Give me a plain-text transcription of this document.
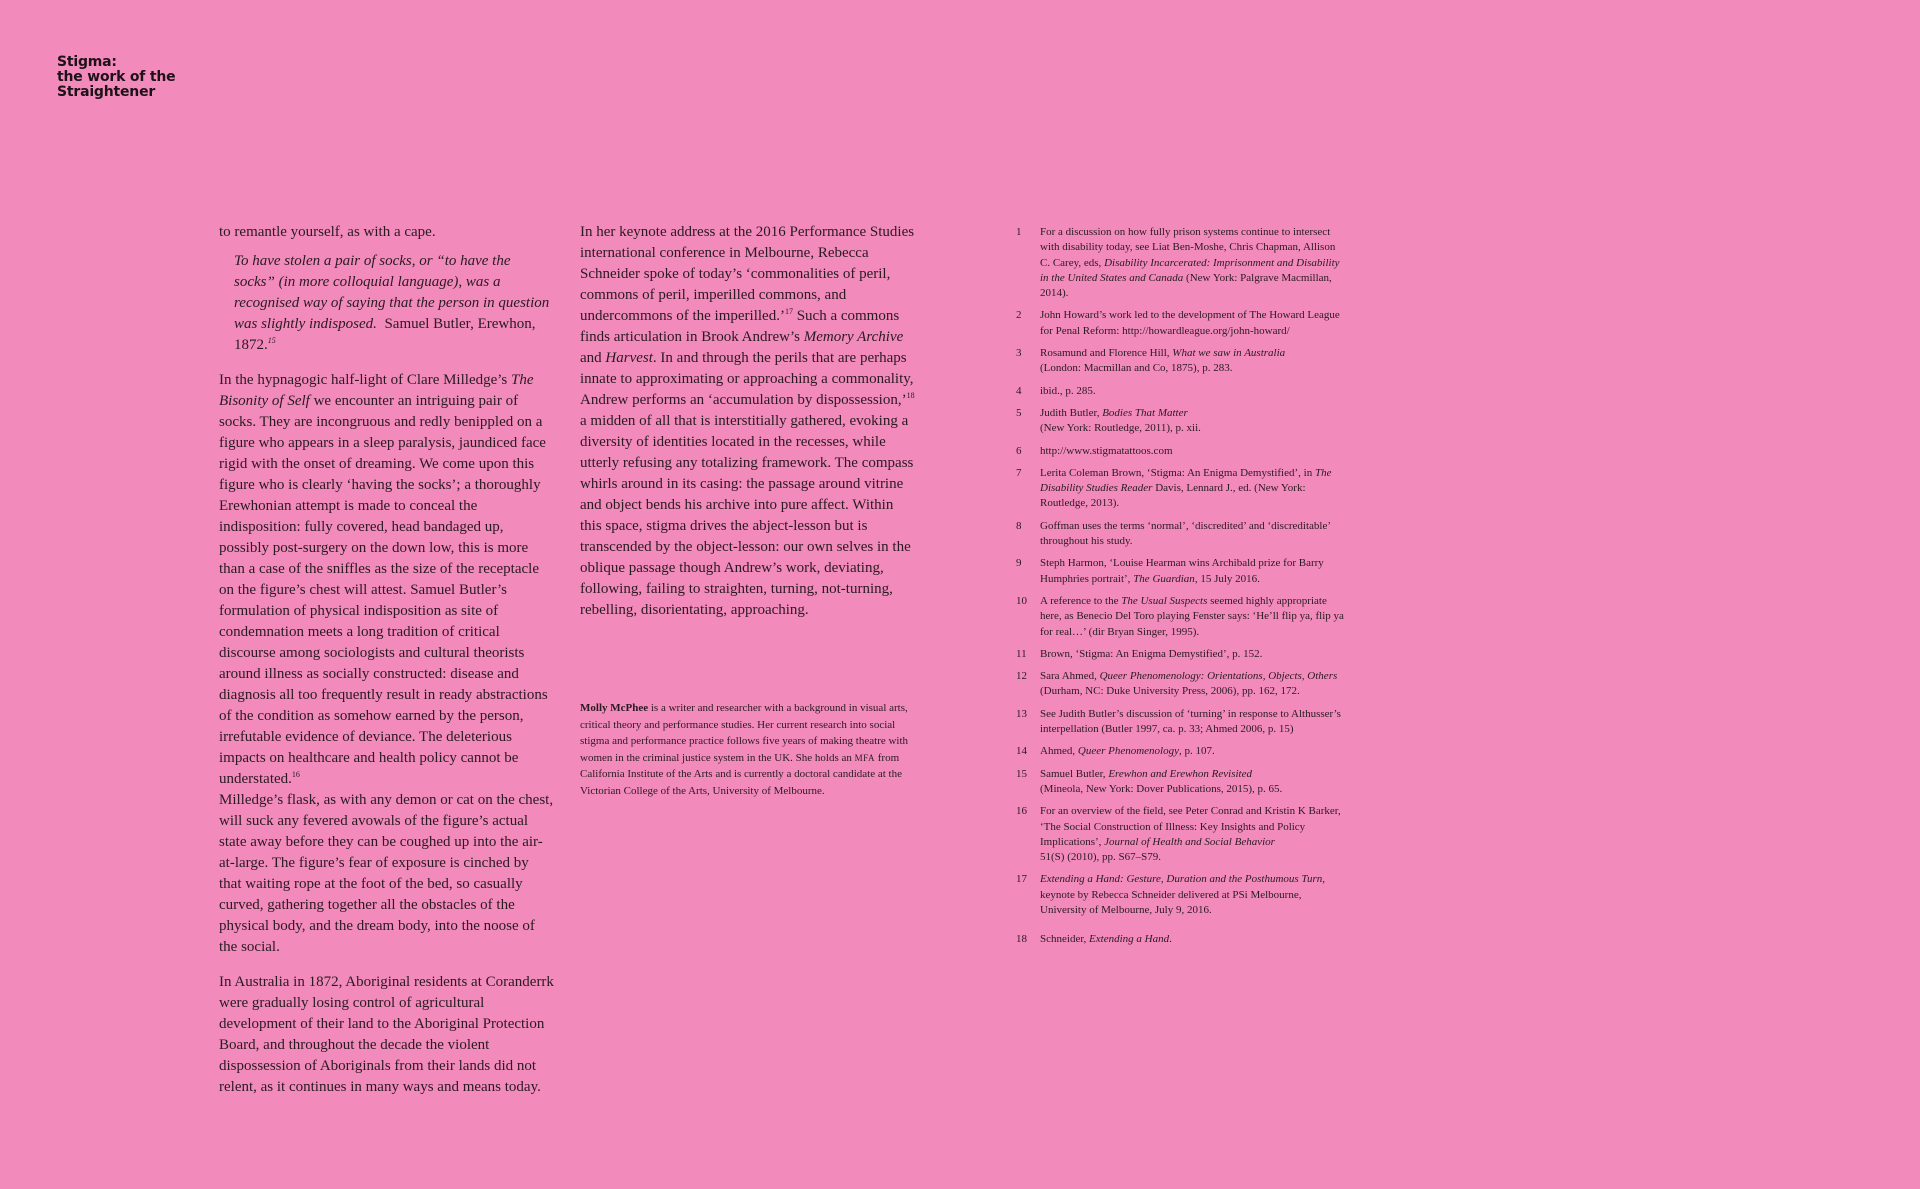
Stigma:
the work of the
Straightener

to remantle yourself, as with a cape.

To have stolen a pair of socks, or “to have the socks” (in more colloquial language), was a recognised way of saying that the person in question was slightly indisposed. Samuel Butler, Erewhon, 1872.15

In the hypnagogic half-light of Clare Milledge’s The Bisonity of Self we encounter an intriguing pair of socks. They are incongruous and redly benippled on a figure who appears in a sleep paralysis, jaundiced face rigid with the onset of dreaming. We come upon this figure who is clearly ‘having the socks’; a thoroughly Erewhonian attempt is made to conceal the indisposition: fully covered, head bandaged up, possibly post-surgery on the down low, this is more than a case of the sniffles as the size of the receptacle on the figure’s chest will attest. Samuel Butler’s formulation of physical indisposition as site of condemnation meets a long tradition of critical discourse among sociologists and cultural theorists around illness as socially constructed: disease and diagnosis all too frequently result in ready abstractions of the condition as somehow earned by the person, irrefutable evidence of deviance. The deleterious impacts on healthcare and health policy cannot be understated.$^{16}$
Milledge’s flask, as with any demon or cat on the chest, will suck any fevered avowals of the figure’s actual state away before they can be coughed up into the air-at-large. The figure’s fear of exposure is cinched by that waiting rope at the foot of the bed, so casually curved, gathering together all the obstacles of the physical body, and the dream body, into the noose of the social.

In Australia in 1872, Aboriginal residents at Coranderrk were gradually losing control of agricultural development of their land to the Aboriginal Protection Board, and throughout the decade the violent dispossession of Aboriginals from their lands did not relent, as it continues in many ways and means today.

In her keynote address at the 2016 Performance Studies international conference in Melbourne, Rebecca Schneider spoke of today’s ‘commonalities of peril, commons of peril, imperilled commons, and undercommons of the imperilled.’$^{17}$ Such a commons finds articulation in Brook Andrew’s Memory Archive and Harvest. In and through the perils that are perhaps innate to approximating or approaching a commonality, Andrew performs an ‘accumulation by dispossession,’$^{18}$ a midden of all that is interstitially gathered, evoking a diversity of identities located in the recesses, while utterly refusing any totalizing framework. The compass whirls around in its casing: the passage around vitrine and object bends his archive into pure affect. Within this space, stigma drives the abject-lesson but is transcended by the object-lesson: our own selves in the oblique passage though Andrew’s work, deviating, following, failing to straighten, turning, not-turning, rebelling, disorientating, approaching.

Molly McPhee is a writer and researcher with a background in visual arts, critical theory and performance studies. Her current research into social stigma and performance practice follows five years of making theatre with women in the criminal justice system in the UK. She holds an MFA from California Institute of the Arts and is currently a doctoral candidate at the Victorian College of the Arts, University of Melbourne.
1	For a discussion on how fully prison systems continue to intersect with disability today, see Liat Ben-Moshe, Chris Chapman, Allison C. Carey, eds, Disability Incarcerated: Imprisonment and Disability in the United States and Canada (New York: Palgrave Macmillan, 2014).
2	John Howard’s work led to the development of The Howard League for Penal Reform: http://howardleague.org/john-howard/
3	Rosamund and Florence Hill, What we saw in Australia
(London: Macmillan and Co, 1875), p. 283.
4	ibid., p. 285.
5	Judith Butler, Bodies That Matter
(New York: Routledge, 2011), p. xii.
6	http://www.stigmatattoos.com
7	Lerita Coleman Brown, ‘Stigma: An Enigma Demystified’, in The Disability Studies Reader Davis, Lennard J., ed. (New York: Routledge, 2013).
8	Goffman uses the terms ‘normal’, ‘discredited’ and ‘discreditable’ throughout his study.
9	Steph Harmon, ‘Louise Hearman wins Archibald prize for Barry Humphries portrait’, The Guardian, 15 July 2016.
10	A reference to the The Usual Suspects seemed highly appropriate here, as Benecio Del Toro playing Fenster says: ‘He’ll flip ya, flip ya for real…’ (dir Bryan Singer, 1995).
11	Brown, ‘Stigma: An Enigma Demystified’, p. 152.
12	Sara Ahmed, Queer Phenomenology: Orientations, Objects, Others (Durham, NC: Duke University Press, 2006), pp. 162, 172.
13	See Judith Butler’s discussion of ‘turning’ in response to Althusser’s interpellation (Butler 1997, ca. p. 33; Ahmed 2006, p. 15)
14	Ahmed, Queer Phenomenology, p. 107.
15	Samuel Butler, Erewhon and Erewhon Revisited
(Mineola, New York: Dover Publications, 2015), p. 65.
16	For an overview of the field, see Peter Conrad and Kristin K Barker, ‘The Social Construction of Illness: Key Insights and Policy Implications’, Journal of Health and Social Behavior
51(S) (2010), pp. S67–S79.
17	Extending a Hand: Gesture, Duration and the Posthumous Turn, keynote by Rebecca Schneider delivered at PSi Melbourne, University of Melbourne, July 9, 2016.
18	Schneider, Extending a Hand.
